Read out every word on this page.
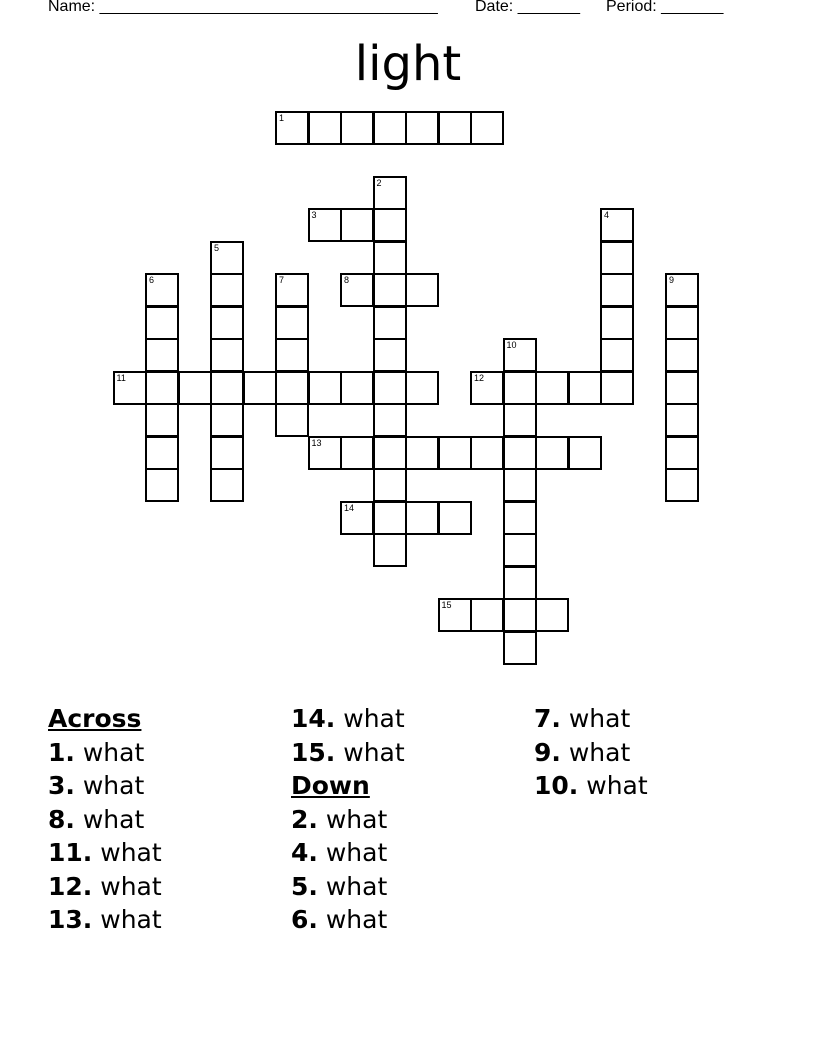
Name: ______________________________________

Date: _______

Period: _______

light
1
2
3	4
5
6	7	8	9
10
11	12
13
14
15
Across
1. what
3. what
8. what
11. what
12. what
13. what
14. what
15. what
Down
2. what
4. what
5. what
6. what
7. what
9. what
10. what
